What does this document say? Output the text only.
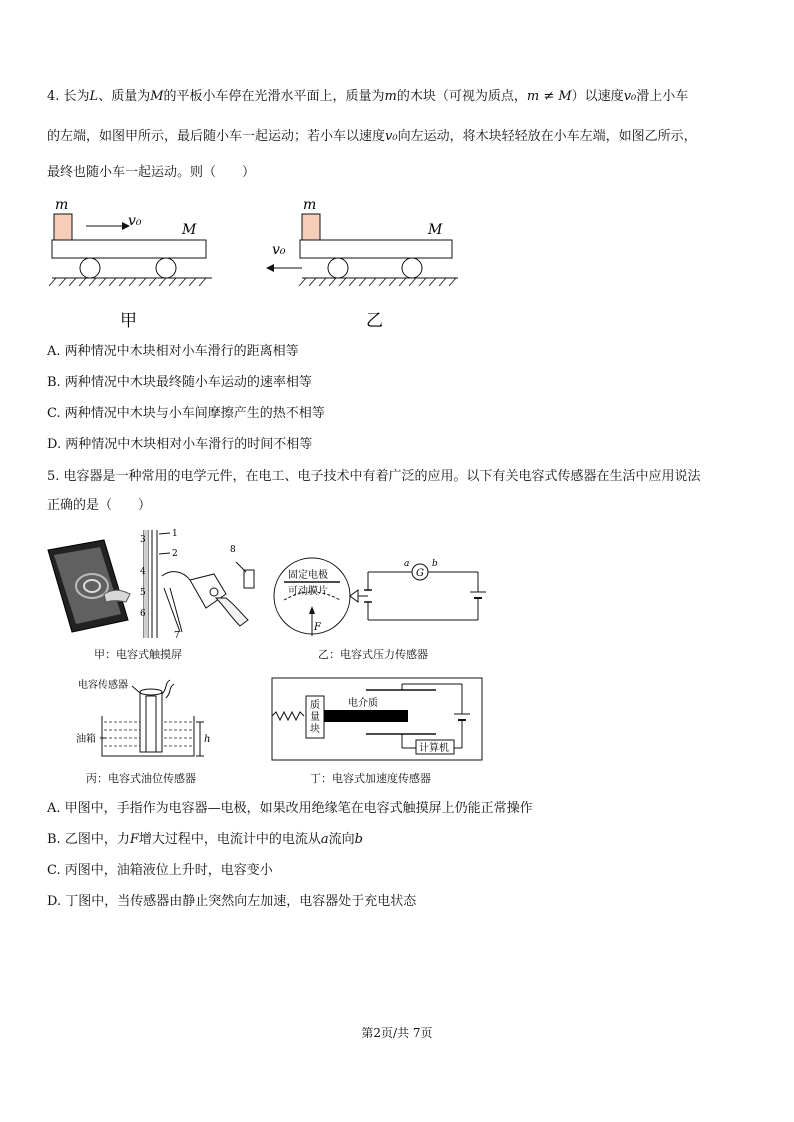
4. 长为L、质量为M的平板小车停在光滑水平面上，质量为m的木块（可视为质点，m ≠ M）以速度v₀滑上小车
的左端，如图甲所示，最后随小车一起运动；若小车以速度v₀向左运动，将木块轻轻放在小车左端，如图乙所示，
最终也随小车一起运动。则（　　）
m
v₀
M
m
M
v₀
甲	乙
A. 两种情况中木块相对小车滑行的距离相等
B. 两种情况中木块最终随小车运动的速率相等
C. 两种情况中木块与小车间摩擦产生的热不相等
D. 两种情况中木块相对小车滑行的时间不相等
5. 电容器是一种常用的电学元件，在电工、电子技术中有着广泛的应用。以下有关电容式传感器在生活中应用说法
正确的是（　　）
3
1
2
4
5
6
7
8
F
固定电极
可动膜片
G
a	b
甲：电容式触摸屏	乙：电容式压力传感器
电容传感器
油箱	h
质
量
块
电介质
计算机
丙：电容式油位传感器	丁：电容式加速度传感器
A. 甲图中，手指作为电容器—电极，如果改用绝缘笔在电容式触摸屏上仍能正常操作
B. 乙图中，力F增大过程中，电流计中的电流从a流向b
C. 丙图中，油箱液位上升时，电容变小
D. 丁图中，当传感器由静止突然向左加速，电容器处于充电状态
第2页/共 7页
